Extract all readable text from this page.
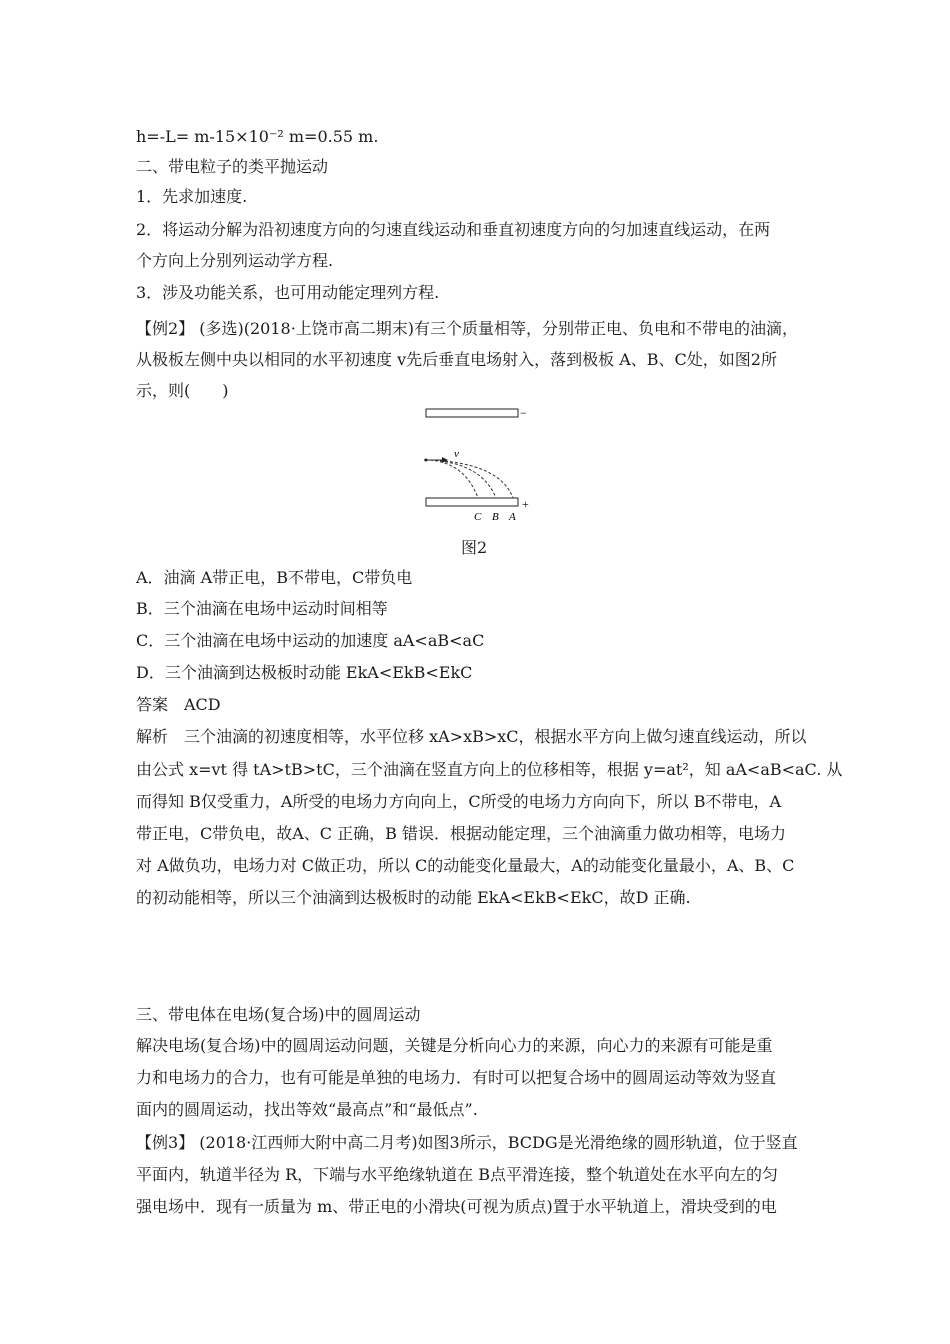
h=-L= m-15×10⁻² m=0.55 m.
二、带电粒子的类平抛运动
1．先求加速度.
2．将运动分解为沿初速度方向的匀速直线运动和垂直初速度方向的匀加速直线运动，在两
个方向上分别列运动学方程.
3．涉及功能关系，也可用动能定理列方程.
【例2】 (多选)(2018·上饶市高二期末)有三个质量相等，分别带正电、负电和不带电的油滴，
从极板左侧中央以相同的水平初速度 v先后垂直电场射入，落到极板 A、B、C处，如图2所
示，则(　　)
−
v
+
C B A
图2
A．油滴 A带正电，B不带电，C带负电
B．三个油滴在电场中运动时间相等
C．三个油滴在电场中运动的加速度 aA<aB<aC
D．三个油滴到达极板时动能 EkA<EkB<EkC
答案　ACD
解析　三个油滴的初速度相等，水平位移 xA>xB>xC，根据水平方向上做匀速直线运动，所以
由公式 x=vt 得 tA>tB>tC，三个油滴在竖直方向上的位移相等，根据 y=at²，知 aA<aB<aC. 从
而得知 B仅受重力，A所受的电场力方向向上，C所受的电场力方向向下，所以 B不带电，A
带正电，C带负电，故A、C 正确，B 错误．根据动能定理，三个油滴重力做功相等，电场力
对 A做负功，电场力对 C做正功，所以 C的动能变化量最大，A的动能变化量最小，A、B、C
的初动能相等，所以三个油滴到达极板时的动能 EkA<EkB<EkC，故D 正确.
三、带电体在电场(复合场)中的圆周运动
解决电场(复合场)中的圆周运动问题，关键是分析向心力的来源，向心力的来源有可能是重
力和电场力的合力，也有可能是单独的电场力．有时可以把复合场中的圆周运动等效为竖直
面内的圆周运动，找出等效“最高点”和“最低点”.
【例3】 (2018·江西师大附中高二月考)如图3所示，BCDG是光滑绝缘的圆形轨道，位于竖直
平面内，轨道半径为 R，下端与水平绝缘轨道在 B点平滑连接，整个轨道处在水平向左的匀
强电场中．现有一质量为 m、带正电的小滑块(可视为质点)置于水平轨道上，滑块受到的电
